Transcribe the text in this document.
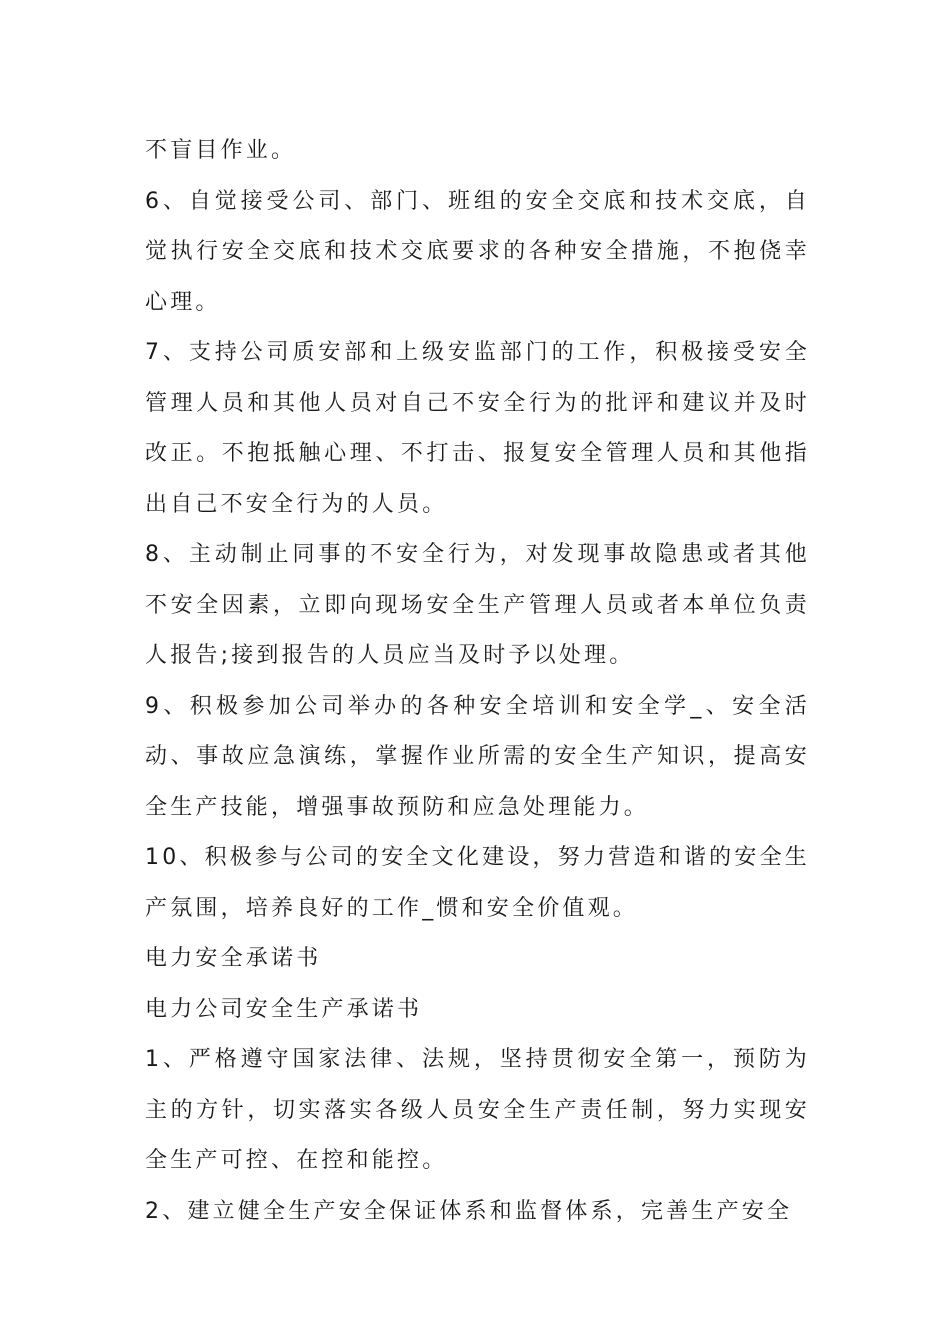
不盲目作业。

6、自觉接受公司、部门、班组的安全交底和技术交底，自觉执行安全交底和技术交底要求的各种安全措施，不抱侥幸心理。

7、支持公司质安部和上级安监部门的工作，积极接受安全管理人员和其他人员对自己不安全行为的批评和建议并及时改正。不抱抵触心理、不打击、报复安全管理人员和其他指出自己不安全行为的人员。

8、主动制止同事的不安全行为，对发现事故隐患或者其他不安全因素，立即向现场安全生产管理人员或者本单位负责人报告;接到报告的人员应当及时予以处理。

9、积极参加公司举办的各种安全培训和安全学_、安全活动、事故应急演练，掌握作业所需的安全生产知识，提高安全生产技能，增强事故预防和应急处理能力。

10、积极参与公司的安全文化建设，努力营造和谐的安全生产氛围，培养良好的工作_惯和安全价值观。

电力安全承诺书

电力公司安全生产承诺书

1、严格遵守国家法律、法规，坚持贯彻安全第一，预防为主的方针，切实落实各级人员安全生产责任制，努力实现安全生产可控、在控和能控。

2、建立健全生产安全保证体系和监督体系，完善生产安全
